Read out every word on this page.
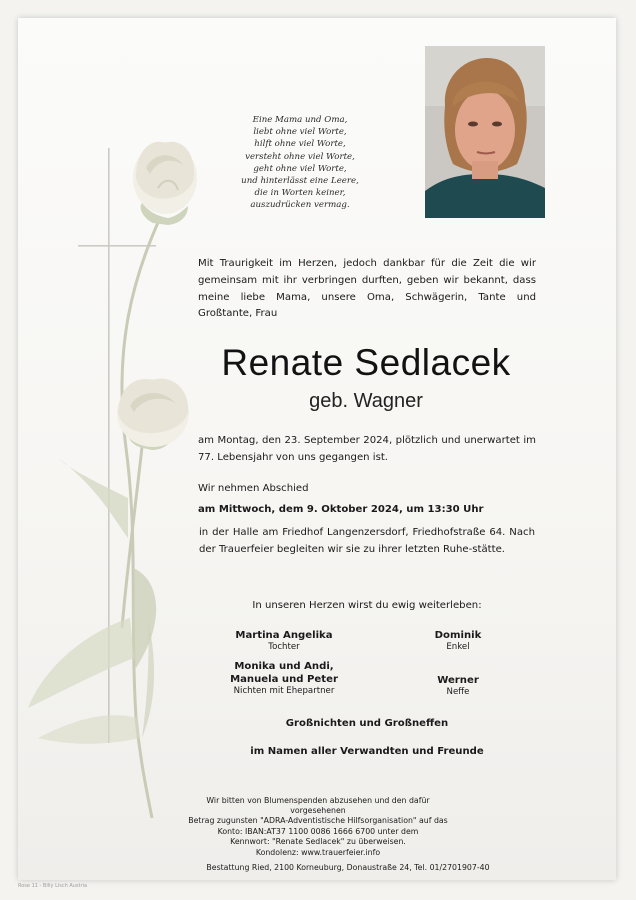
Eine Mama und Oma,
liebt ohne viel Worte,
hilft ohne viel Worte,
versteht ohne viel Worte,
geht ohne viel Worte,
und hinterlässt eine Leere,
die in Worten keiner,
auszudrücken vermag.
Mit Traurigkeit im Herzen, jedoch dankbar für die Zeit die wir gemeinsam mit ihr verbringen durften, geben wir bekannt, dass meine liebe Mama, unsere Oma, Schwägerin, Tante und Großtante, Frau
Renate Sedlacek
geb. Wagner
am Montag, den 23. September 2024, plötzlich und unerwartet im 77. Lebensjahr von uns gegangen ist.
Wir nehmen Abschied
am Mittwoch, dem 9. Oktober 2024, um 13:30 Uhr
in der Halle am Friedhof Langenzersdorf, Friedhofstraße 64. Nach der Trauerfeier begleiten wir sie zu ihrer letzten Ruhe-stätte.
In unseren Herzen wirst du ewig weiterleben:
Martina Angelika
Tochter
Dominik
Enkel
Monika und Andi,
Manuela und Peter
Nichten mit Ehepartner
Werner
Neffe
Großnichten und Großneffen
im Namen aller Verwandten und Freunde
Wir bitten von Blumenspenden abzusehen und den dafür vorgesehenen
Betrag zugunsten "ADRA-Adventistische Hilfsorganisation" auf das
Konto: IBAN:AT37 1100 0086 1666 6700 unter dem
Kennwort: "Renate Sedlacek" zu überweisen.
Kondolenz: www.trauerfeier.info
Bestattung Ried, 2100 Korneuburg, Donaustraße 24, Tel. 01/2701907-40
Rose 11 - Billy Lisch Austria
